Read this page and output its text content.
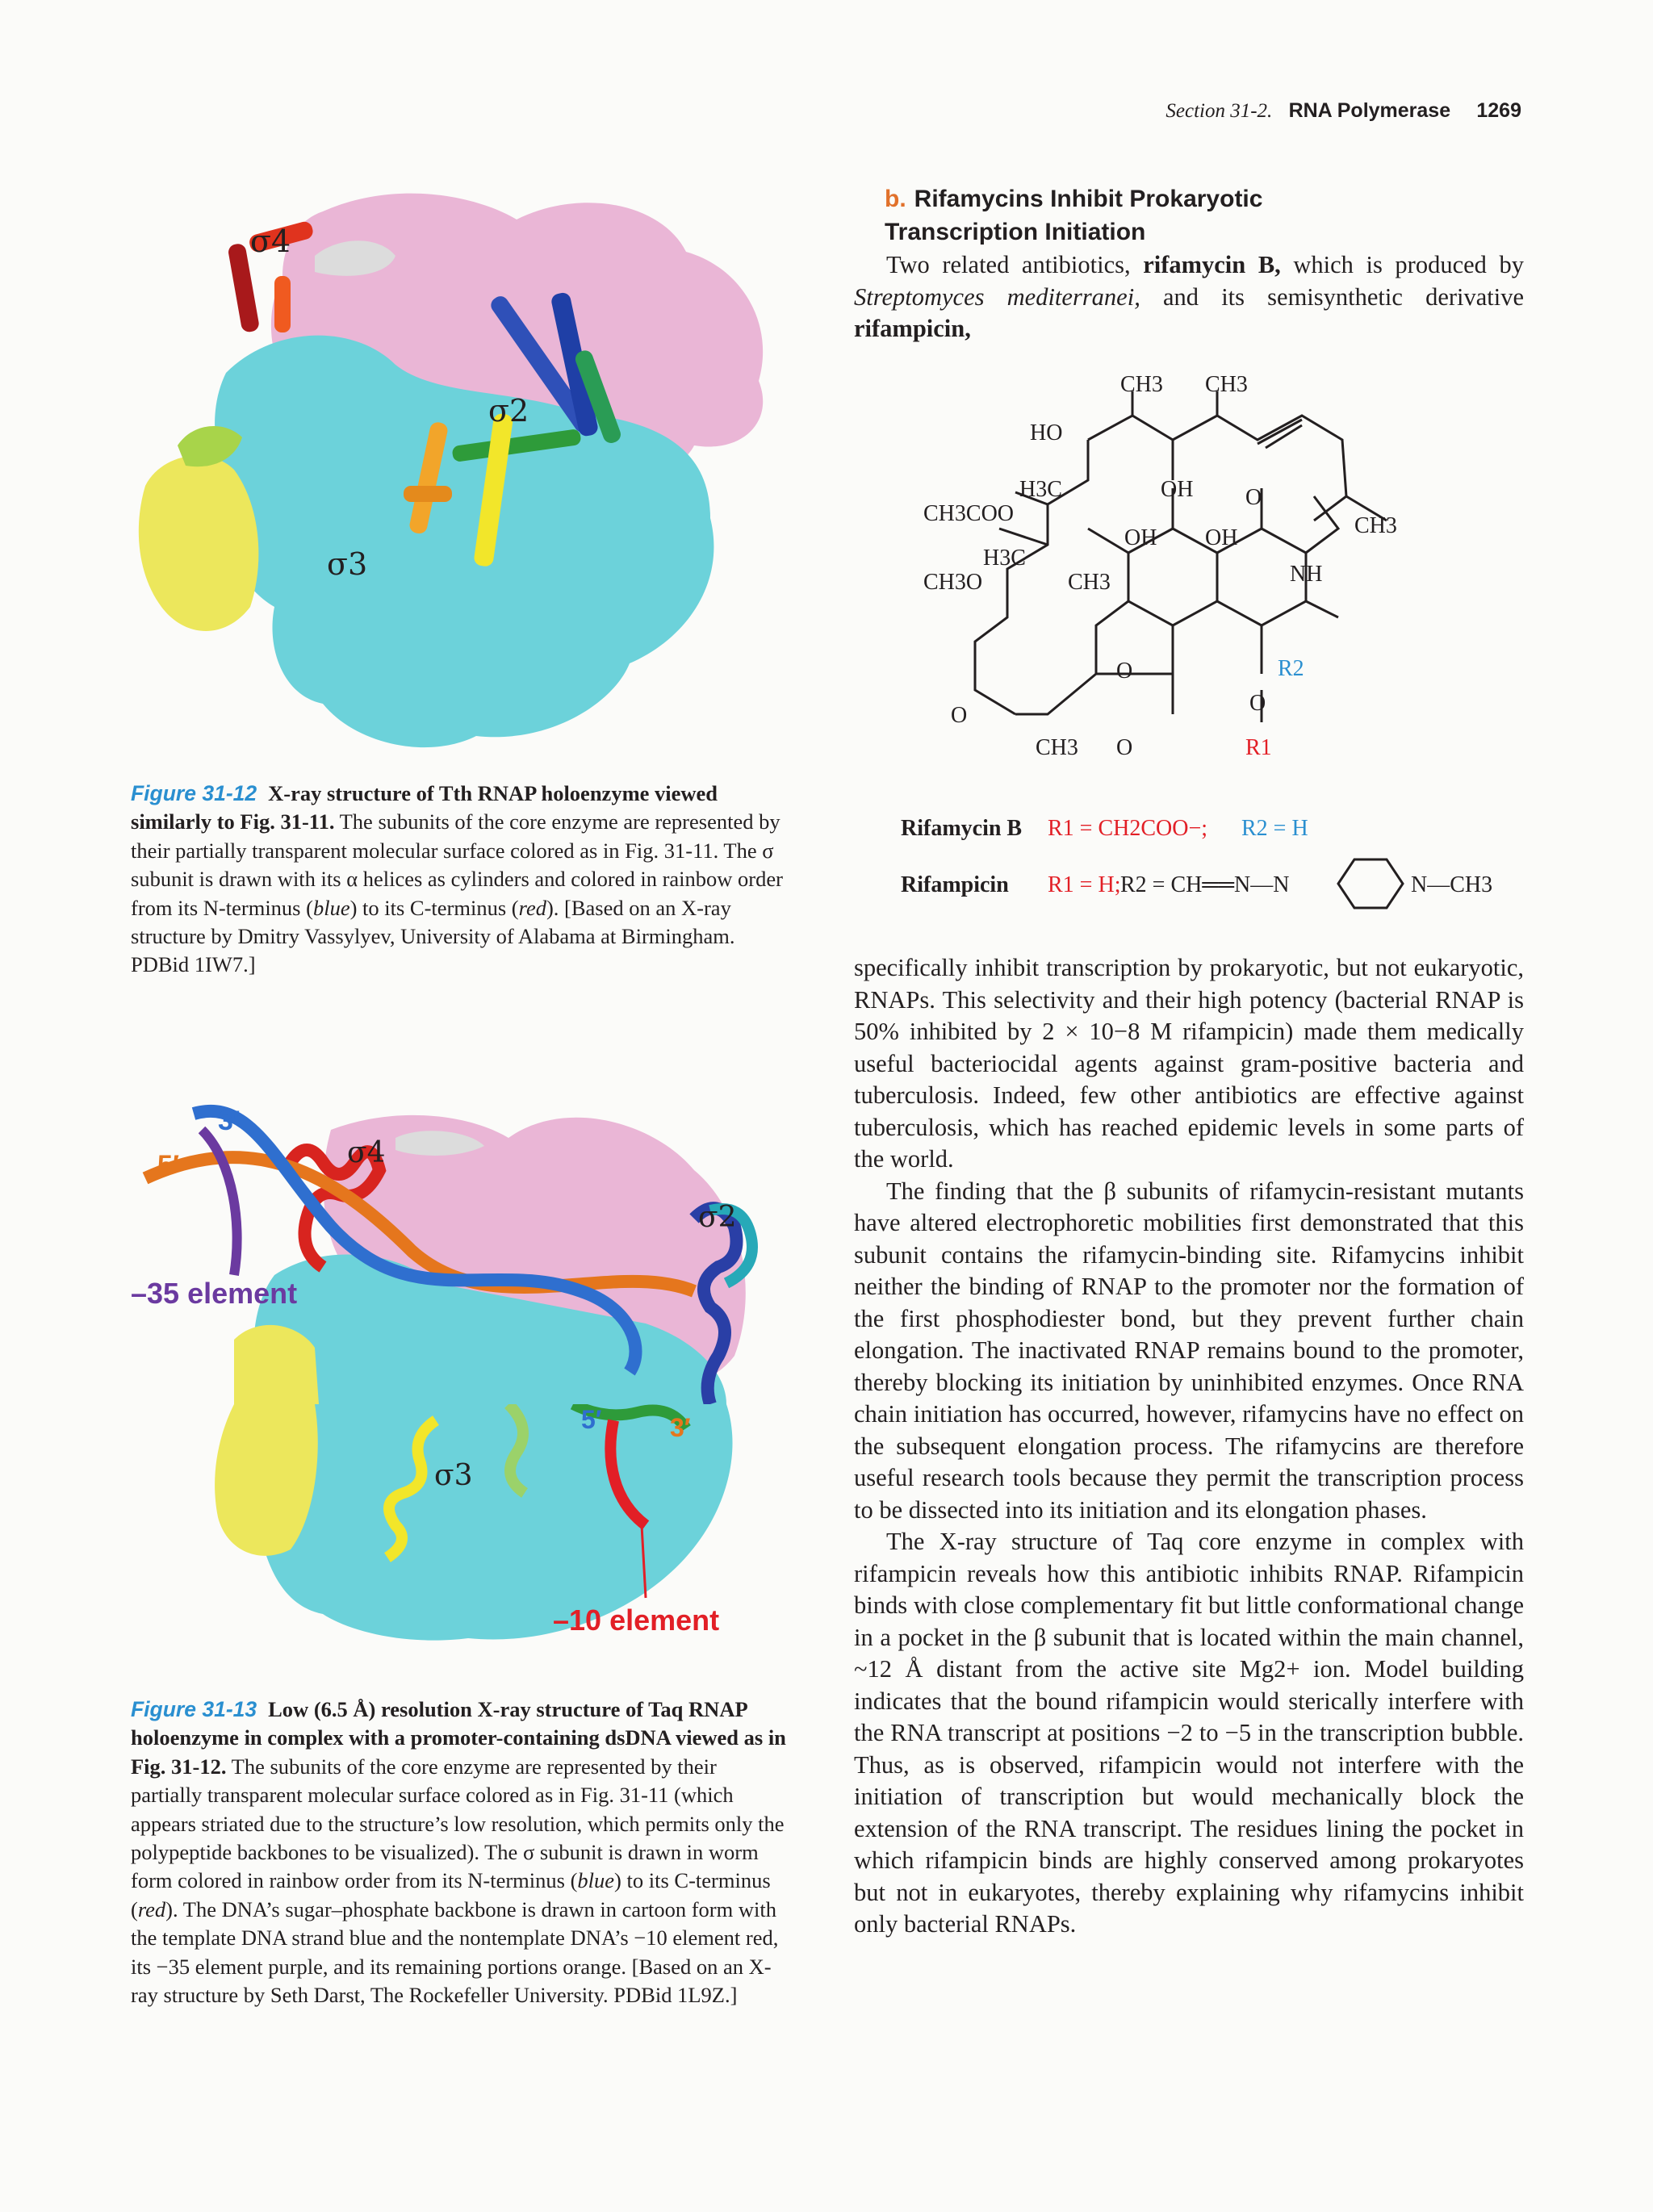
Section 31-2. RNA Polymerase 1269
σ4
σ2
σ3
Figure 31-12 X-ray structure of Tth RNAP holoenzyme viewed similarly to Fig. 31-11. The subunits of the core enzyme are represented by their partially transparent molecular surface colored as in Fig. 31-11. The σ subunit is drawn with its α helices as cylinders and colored in rainbow order from its N-terminus (blue) to its C-terminus (red). [Based on an X-ray structure by Dmitry Vassylyev, University of Alabama at Birmingham. PDBid 1IW7.]
5′
3′
σ4
σ2
–35 element
5′	3′
σ3
–10 element
Figure 31-13 Low (6.5 Å) resolution X-ray structure of Taq RNAP holoenzyme in complex with a promoter-containing dsDNA viewed as in Fig. 31-12. The subunits of the core enzyme are represented by their partially transparent molecular surface colored as in Fig. 31-11 (which appears striated due to the structure’s low resolution, which permits only the polypeptide backbones to be visualized). The σ subunit is drawn in worm form colored in rainbow order from its N-terminus (blue) to its C-terminus (red). The DNA’s sugar–phosphate backbone is drawn in cartoon form with the template DNA strand blue and the nontemplate DNA’s −10 element red, its −35 element purple, and its remaining portions orange. [Based on an X-ray structure by Seth Darst, The Rockefeller University. PDBid 1L9Z.]
b. Rifamycins Inhibit Prokaryotic
Transcription Initiation

Two related antibiotics, rifamycin B, which is produced by Streptomyces mediterranei, and its semisynthetic derivative rifampicin,

CH3 CH3
HO
H3C	OH O
CH3
CH3COO
OH OH
H3C
CH3O	CH3	NH
R2
O
O
O
CH3 O	R1
Rifamycin B R1 = CH2COO−; R2 = H
Rifampicin R1 = H; R2 = CH══N—N	N—CH3

specifically inhibit transcription by prokaryotic, but not eukaryotic, RNAPs. This selectivity and their high potency (bacterial RNAP is 50% inhibited by 2 × 10−8 M rifampicin) made them medically useful bacteriocidal agents against gram-positive bacteria and tuberculosis. Indeed, few other antibiotics are effective against tuberculosis, which has reached epidemic levels in some parts of the world.

The finding that the β subunits of rifamycin-resistant mutants have altered electrophoretic mobilities first demonstrated that this subunit contains the rifamycin-binding site. Rifamycins inhibit neither the binding of RNAP to the promoter nor the formation of the first phosphodiester bond, but they prevent further chain elongation. The inactivated RNAP remains bound to the promoter, thereby blocking its initiation by uninhibited enzymes. Once RNA chain initiation has occurred, however, rifamycins have no effect on the subsequent elongation process. The rifamycins are therefore useful research tools because they permit the transcription process to be dissected into its initiation and its elongation phases.

The X-ray structure of Taq core enzyme in complex with rifampicin reveals how this antibiotic inhibits RNAP. Rifampicin binds with close complementary fit but little conformational change in a pocket in the β subunit that is located within the main channel, ~12 Å distant from the active site Mg2+ ion. Model building indicates that the bound rifampicin would sterically interfere with the RNA transcript at positions −2 to −5 in the transcription bubble. Thus, as is observed, rifampicin would not interfere with the initiation of transcription but would mechanically block the extension of the RNA transcript. The residues lining the pocket in which rifampicin binds are highly conserved among prokaryotes but not in eukaryotes, thereby explaining why rifamycins inhibit only bacterial RNAPs.
